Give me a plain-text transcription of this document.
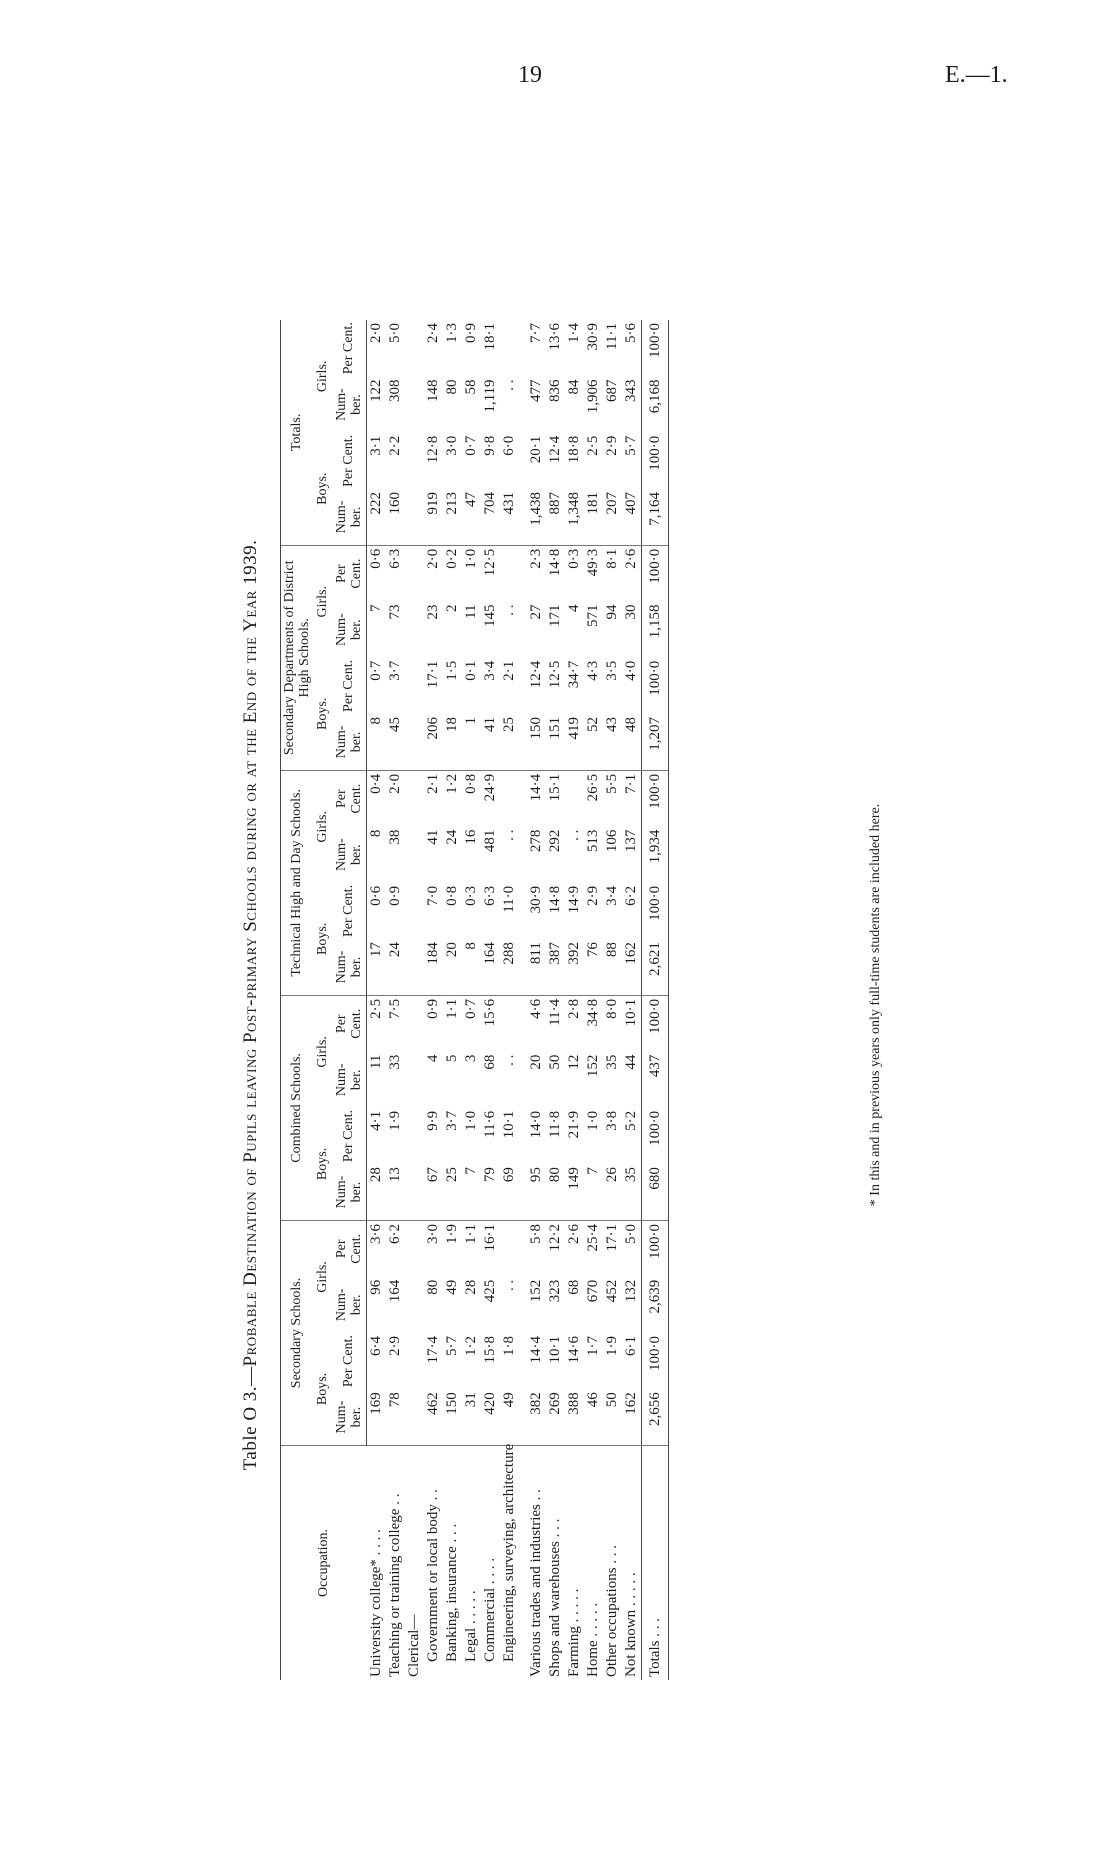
19	E.—1.
Table O 3.—Probable Destination of Pupils leaving Post-primary Schools during or at the End of the Year 1939.
Occupation.	Secondary Schools.				Combined Schools.				Technical High and Day Schools.				Secondary Departments of District High Schools.				Totals.			
	Boys.		Girls.		Boys.		Girls.		Boys.		Girls.		Boys.		Girls.		Boys.		Girls.	
	Num-ber.	Per Cent.	Num-ber.	Per Cent.	Num-ber.	Per Cent.	Num-ber.	Per Cent.	Num-ber.	Per Cent.	Num-ber.	Per Cent.	Num-ber.	Per Cent.	Num-ber.	Per Cent.	Num-ber.	Per Cent.	Num-ber.	Per Cent.
University college* . . . .	169	6·4	96	3·6	28	4·1	11	2·5	17	0·6	8	0·4	8	0·7	7	0·6	222	3·1	122	2·0
Teaching or training college . .	78	2·9	164	6·2	13	1·9	33	7·5	24	0·9	38	2·0	45	3·7	73	6·3	160	2·2	308	5·0
Clerical—																				
Government or local body . .	462	17·4	80	3·0	67	9·9	4	0·9	184	7·0	41	2·1	206	17·1	23	2·0	919	12·8	148	2·4
Banking, insurance . . .	150	5·7	49	1·9	25	3·7	5	1·1	20	0·8	24	1·2	18	1·5	2	0·2	213	3·0	80	1·3
Legal . . . . .	31	1·2	28	1·1	7	1·0	3	0·7	8	0·3	16	0·8	1	0·1	11	1·0	47	0·7	58	0·9
Commercial . . . .	420	15·8	425	16·1	79	11·6	68	15·6	164	6·3	481	24·9	41	3·4	145	12·5	704	9·8	1,119	18·1
Engineering, surveying, architecture	49	1·8	. .		69	10·1	. .		288	11·0	. .		25	2·1	. .		431	6·0	. .	
Various trades and industries . .	382	14·4	152	5·8	95	14·0	20	4·6	811	30·9	278	14·4	150	12·4	27	2·3	1,438	20·1	477	7·7
Shops and warehouses . . .	269	10·1	323	12·2	80	11·8	50	11·4	387	14·8	292	15·1	151	12·5	171	14·8	887	12·4	836	13·6
Farming . . . . .	388	14·6	68	2·6	149	21·9	12	2·8	392	14·9	. .		419	34·7	4	0·3	1,348	18·8	84	1·4
Home . . . . .	46	1·7	670	25·4	7	1·0	152	34·8	76	2·9	513	26·5	52	4·3	571	49·3	181	2·5	1,906	30·9
Other occupations . . .	50	1·9	452	17·1	26	3·8	35	8·0	88	3·4	106	5·5	43	3·5	94	8·1	207	2·9	687	11·1
Not known . . . . .	162	6·1	132	5·0	35	5·2	44	10·1	162	6·2	137	7·1	48	4·0	30	2·6	407	5·7	343	5·6
Totals . . .	2,656	100·0	2,639	100·0	680	100·0	437	100·0	2,621	100·0	1,934	100·0	1,207	100·0	1,158	100·0	7,164	100·0	6,168	100·0
* In this and in previous years only full-time students are included here.
